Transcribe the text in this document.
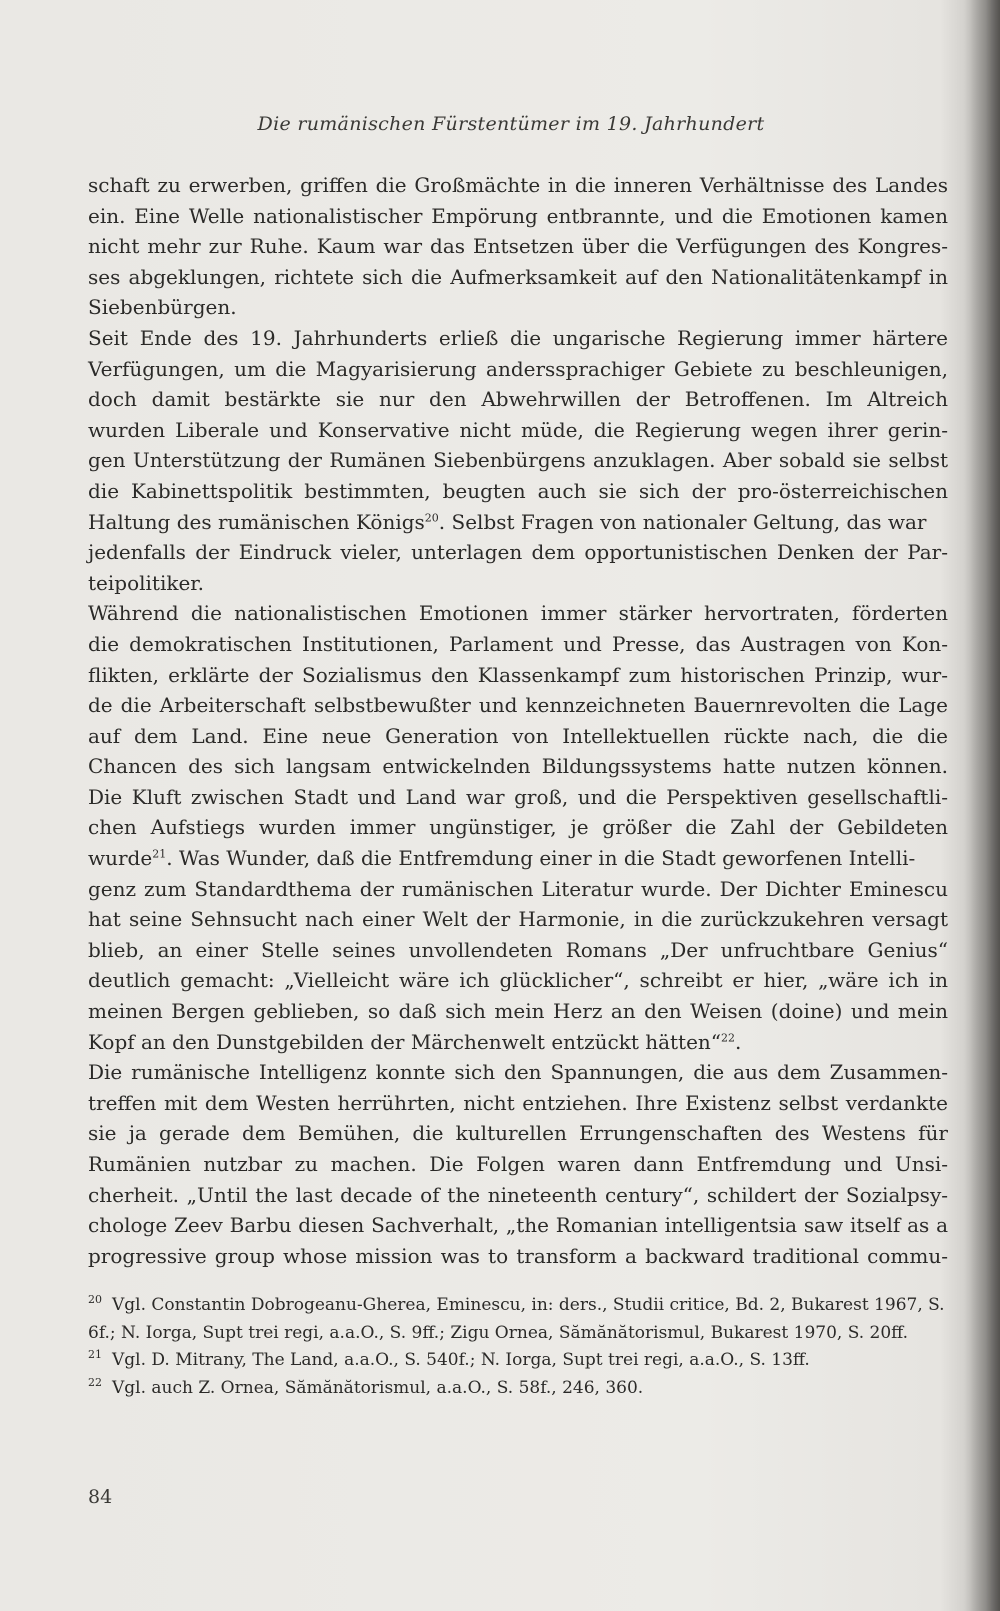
Die rumänischen Fürstentümer im 19. Jahrhundert
schaft zu erwerben, griffen die Großmächte in die inneren Verhältnisse des Landes
ein. Eine Welle nationalistischer Empörung entbrannte, und die Emotionen kamen
nicht mehr zur Ruhe. Kaum war das Entsetzen über die Verfügungen des Kongres-
ses abgeklungen, richtete sich die Aufmerksamkeit auf den Nationalitätenkampf in
Siebenbürgen.
Seit Ende des 19. Jahrhunderts erließ die ungarische Regierung immer härtere
Verfügungen, um die Magyarisierung anderssprachiger Gebiete zu beschleunigen,
doch damit bestärkte sie nur den Abwehrwillen der Betroffenen. Im Altreich
wurden Liberale und Konservative nicht müde, die Regierung wegen ihrer gerin-
gen Unterstützung der Rumänen Siebenbürgens anzuklagen. Aber sobald sie selbst
die Kabinettspolitik bestimmten, beugten auch sie sich der pro-österreichischen
Haltung des rumänischen Königs$^{20}$. Selbst Fragen von nationaler Geltung, das war
jedenfalls der Eindruck vieler, unterlagen dem opportunistischen Denken der Par-
teipolitiker.
Während die nationalistischen Emotionen immer stärker hervortraten, förderten
die demokratischen Institutionen, Parlament und Presse, das Austragen von Kon-
flikten, erklärte der Sozialismus den Klassenkampf zum historischen Prinzip, wur-
de die Arbeiterschaft selbstbewußter und kennzeichneten Bauernrevolten die Lage
auf dem Land. Eine neue Generation von Intellektuellen rückte nach, die die
Chancen des sich langsam entwickelnden Bildungssystems hatte nutzen können.
Die Kluft zwischen Stadt und Land war groß, und die Perspektiven gesellschaftli-
chen Aufstiegs wurden immer ungünstiger, je größer die Zahl der Gebildeten
wurde$^{21}$. Was Wunder, daß die Entfremdung einer in die Stadt geworfenen Intelli-
genz zum Standardthema der rumänischen Literatur wurde. Der Dichter Eminescu
hat seine Sehnsucht nach einer Welt der Harmonie, in die zurückzukehren versagt
blieb, an einer Stelle seines unvollendeten Romans „Der unfruchtbare Genius“
deutlich gemacht: „Vielleicht wäre ich glücklicher“, schreibt er hier, „wäre ich in
meinen Bergen geblieben, so daß sich mein Herz an den Weisen (doine) und mein
Kopf an den Dunstgebilden der Märchenwelt entzückt hätten“$^{22}$.
Die rumänische Intelligenz konnte sich den Spannungen, die aus dem Zusammen-
treffen mit dem Westen herrührten, nicht entziehen. Ihre Existenz selbst verdankte
sie ja gerade dem Bemühen, die kulturellen Errungenschaften des Westens für
Rumänien nutzbar zu machen. Die Folgen waren dann Entfremdung und Unsi-
cherheit. „Until the last decade of the nineteenth century“, schildert der Sozialpsy-
chologe Zeev Barbu diesen Sachverhalt, „the Romanian intelligentsia saw itself as a
progressive group whose mission was to transform a backward traditional commu-
$^{20}$ Vgl. Constantin Dobrogeanu-Gherea, Eminescu, in: ders., Studii critice, Bd. 2, Bukarest 1967, S. 6f.; N. Iorga, Supt trei regi, a.a.O., S. 9ff.; Zigu Ornea, Sămănătorismul, Bukarest 1970, S. 20ff.
$^{21}$ Vgl. D. Mitrany, The Land, a.a.O., S. 540f.; N. Iorga, Supt trei regi, a.a.O., S. 13ff.
$^{22}$ Vgl. auch Z. Ornea, Sămănătorismul, a.a.O., S. 58f., 246, 360.
84
